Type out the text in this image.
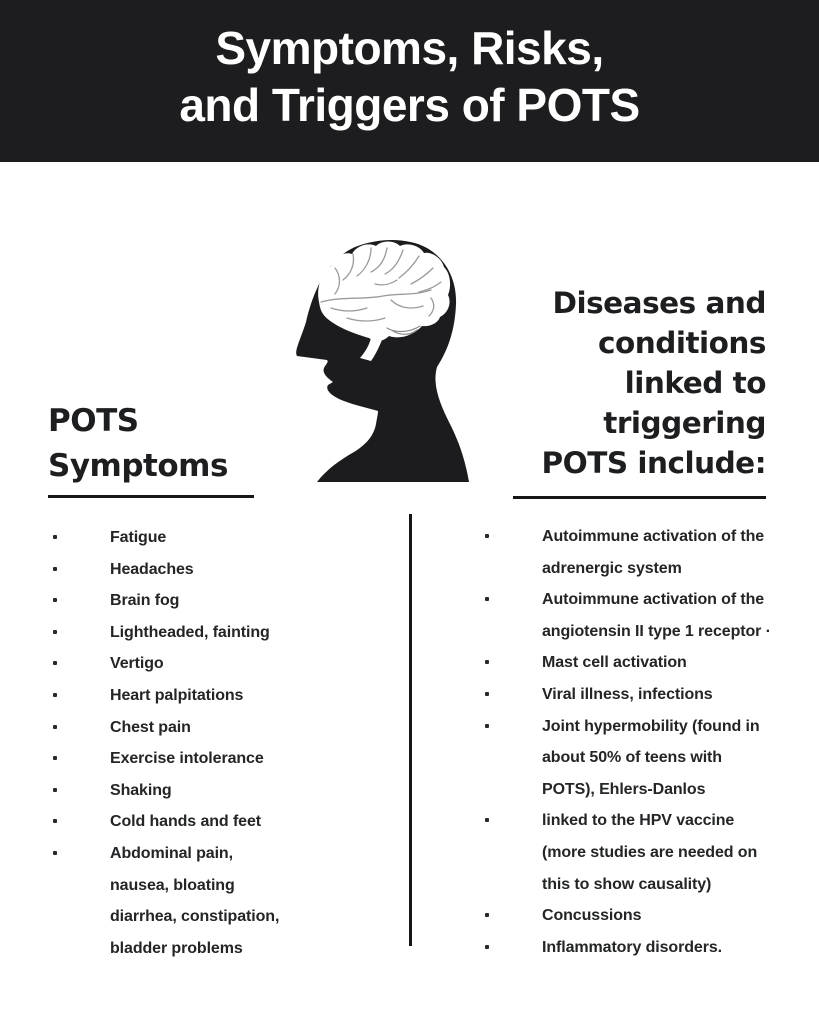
Symptoms, Risks,
and Triggers of POTS
POTS
Symptoms
Diseases and
conditions
linked to
triggering
POTS include:
Fatigue
Headaches
Brain fog
Lightheaded, fainting
Vertigo
Heart palpitations
Chest pain
Exercise intolerance
Shaking
Cold hands and feet
Abdominal pain,
nausea, bloating
diarrhea, constipation,
bladder problems
Autoimmune activation of the
adrenergic system
Autoimmune activation of the
angiotensin II type 1 receptor ·
Mast cell activation
Viral illness, infections
Joint hypermobility (found in
about 50% of teens with
POTS), Ehlers-Danlos
linked to the HPV vaccine
(more studies are needed on
this to show causality)
Concussions
Inflammatory disorders.
